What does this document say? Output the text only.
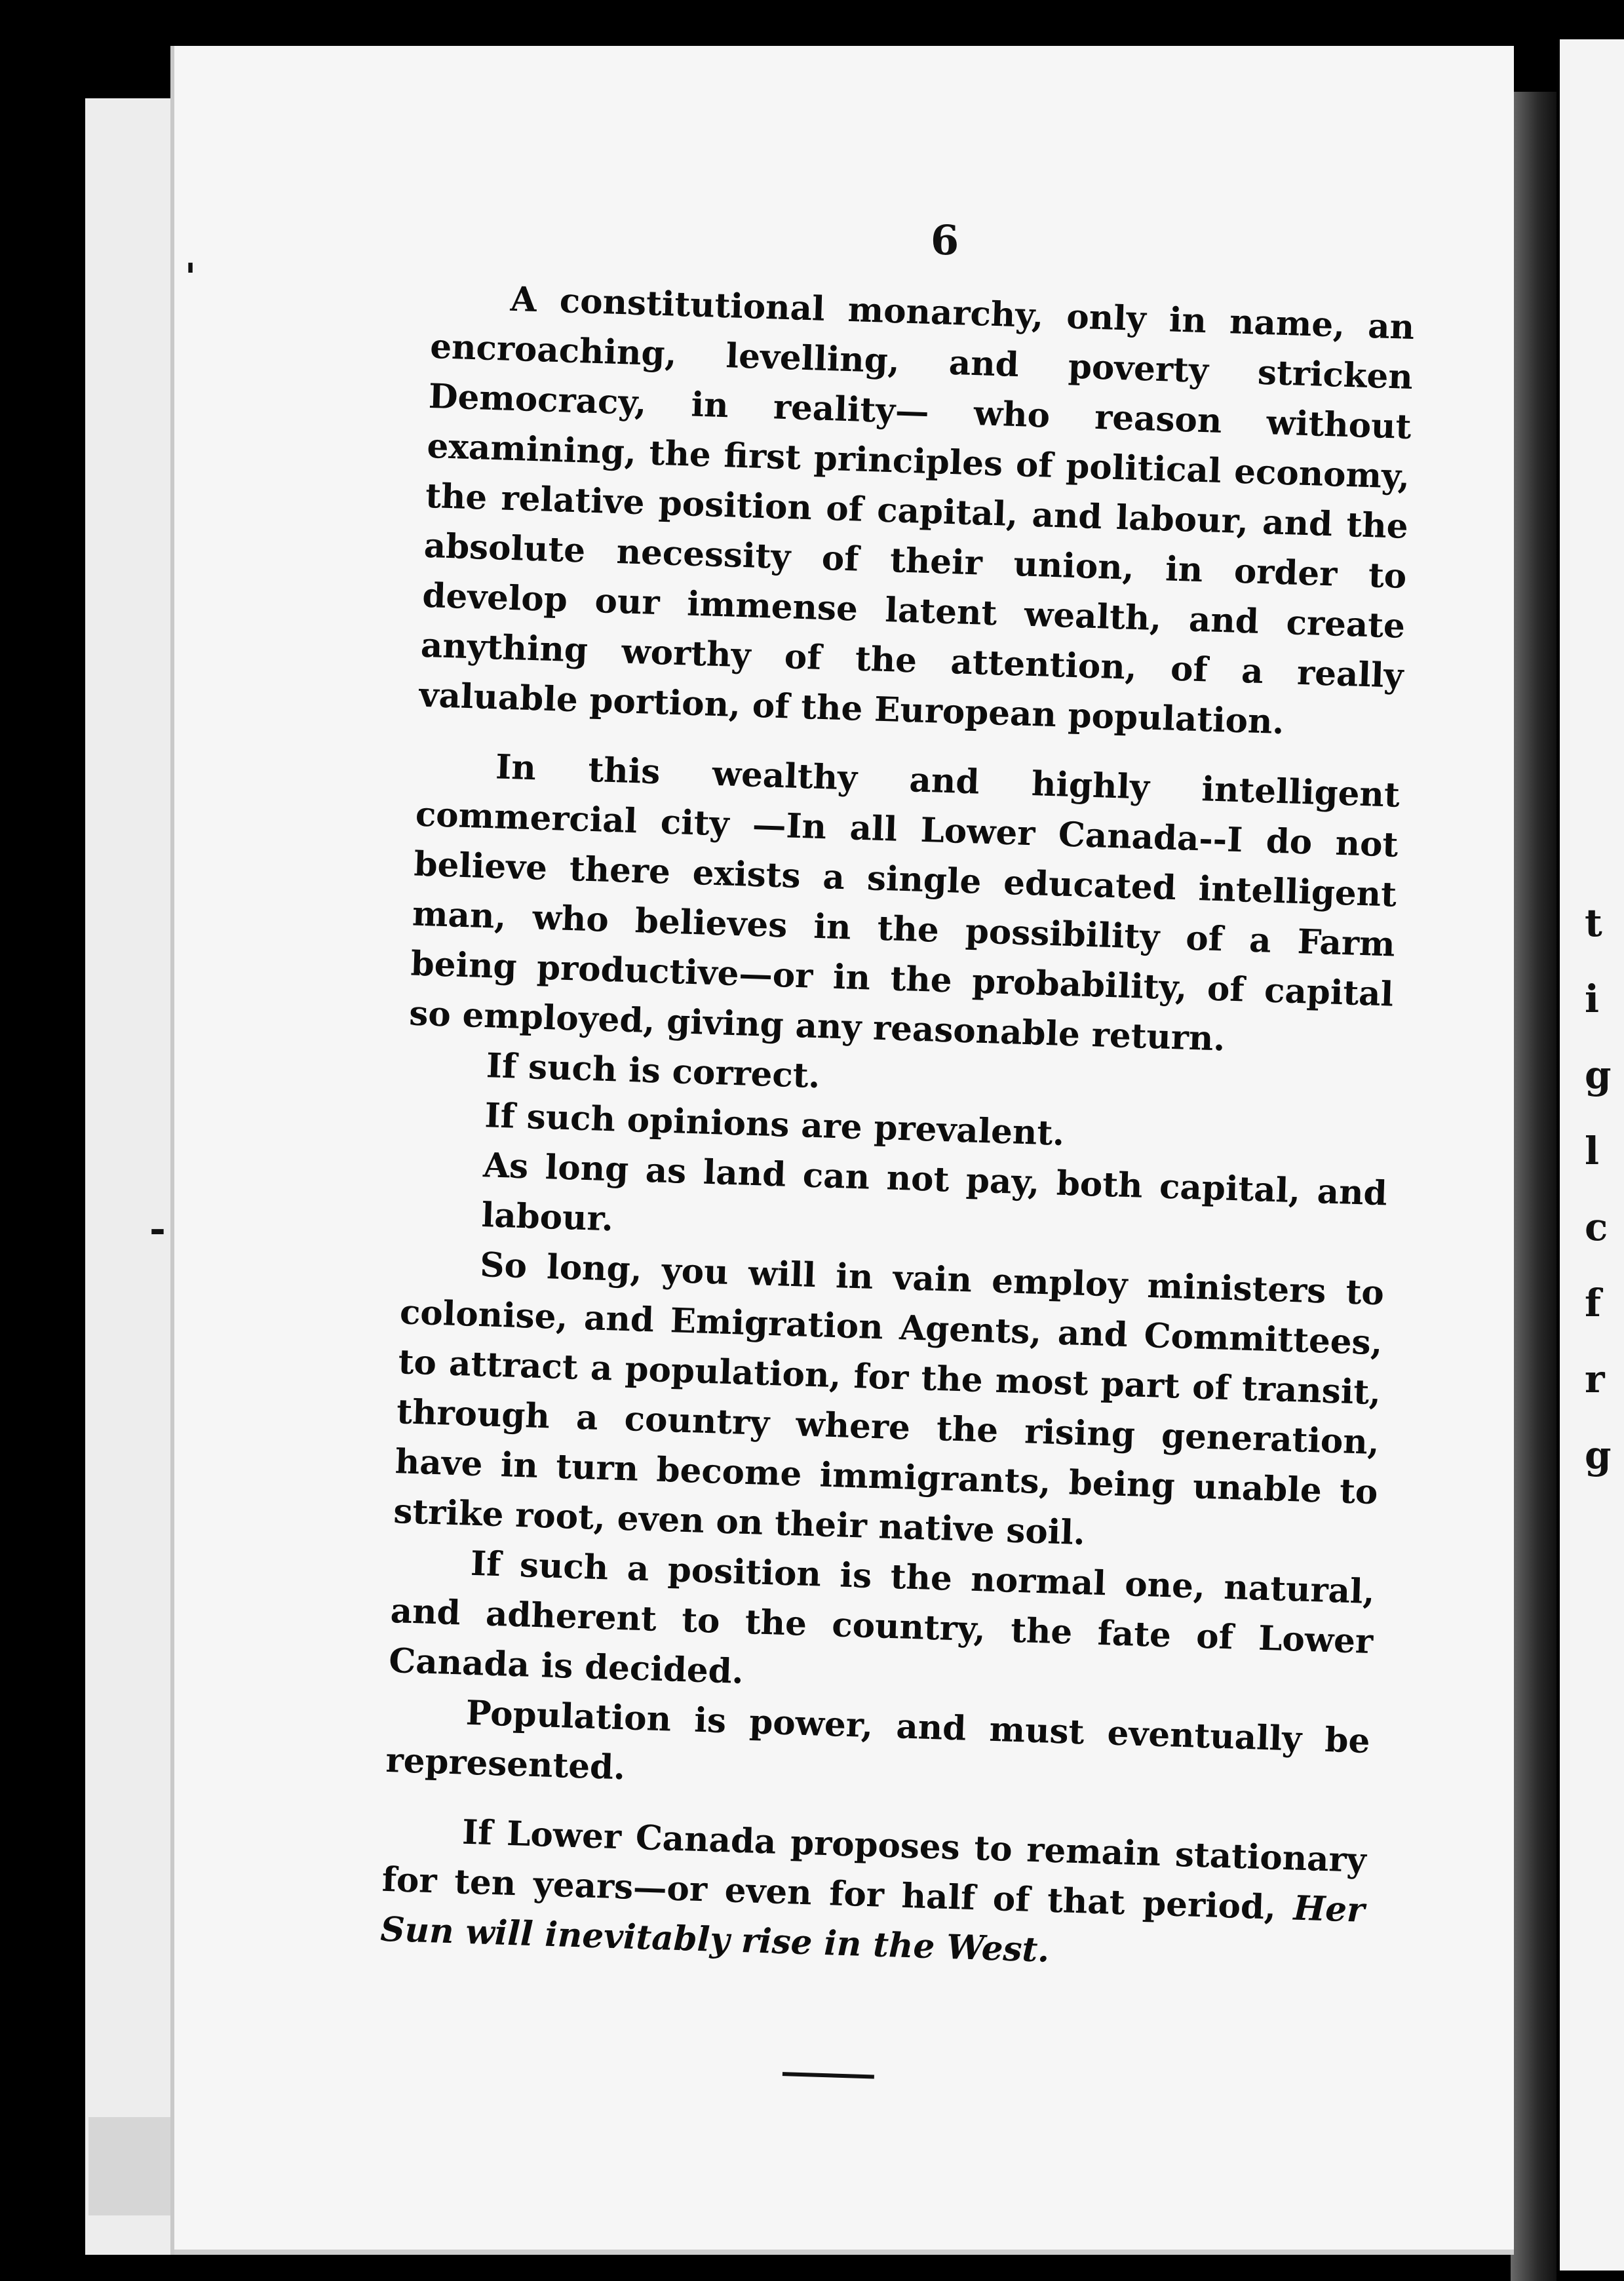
t
i
g
l
c
f
r
g
'
-
6

A constitutional monarchy, only in name, an encroaching, levelling, and poverty stricken Democracy, in reality— who reason without examining, the first principles of political economy, the relative position of capital, and labour, and the absolute necessity of their union, in order to develop our immense latent wealth, and create anything worthy of the attention, of a really valuable portion, of the European population.

In this wealthy and highly intelligent commercial city —In all Lower Canada--I do not believe there exists a single educated intelligent man, who believes in the possibility of a Farm being productive—or in the probability, of capital so employed, giving any reasonable return.

If such is correct.
If such opinions are prevalent.
As long as land can not pay, both capital, and labour.

So long, you will in vain employ ministers to colonise, and Emigration Agents, and Committees, to attract a population, for the most part of transit, through a country where the rising generation, have in turn become immigrants, being unable to strike root, even on their native soil.

If such a position is the normal one, natural, and adherent to the country, the fate of Lower Canada is decided.

Population is power, and must eventually be represented.

If Lower Canada proposes to remain stationary for ten years—or even for half of that period, Her Sun will inevitably rise in the West.
